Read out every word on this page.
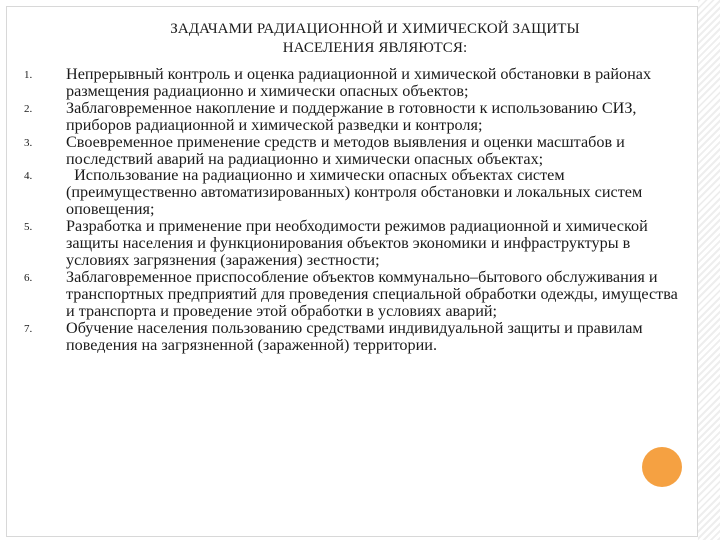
ЗАДАЧАМИ РАДИАЦИОННОЙ И ХИМИЧЕСКОЙ ЗАЩИТЫ
НАСЕЛЕНИЯ ЯВЛЯЮТСЯ:
1. Непрерывный контроль и оценка радиационной и химической обстановки в районах размещения радиационно и химически опасных объектов;
2. Заблаговременное накопление и поддержание в готовности к использованию СИЗ, приборов радиационной и химической разведки и контроля;
3. Своевременное применение средств и методов выявления и оценки масштабов и последствий аварий на радиационно и химически опасных объектах;
4. Использование на радиационно и химически опасных объектах систем (преимущественно автоматизированных) контроля обстановки и локальных систем оповещения;
5. Разработка и применение при необходимости режимов радиационной и химической защиты населения и функционирования объектов экономики и инфраструктуры в условиях загрязнения (заражения) зестности;
6. Заблаговременное приспособление объектов коммунально–бытового обслуживания и транспортных предприятий для проведения специальной обработки одежды, имущества и транспорта и проведение этой обработки в условиях аварий;
7. Обучение населения пользованию средствами индивидуальной защиты и правилам поведения на загрязненной (зараженной) территории.
